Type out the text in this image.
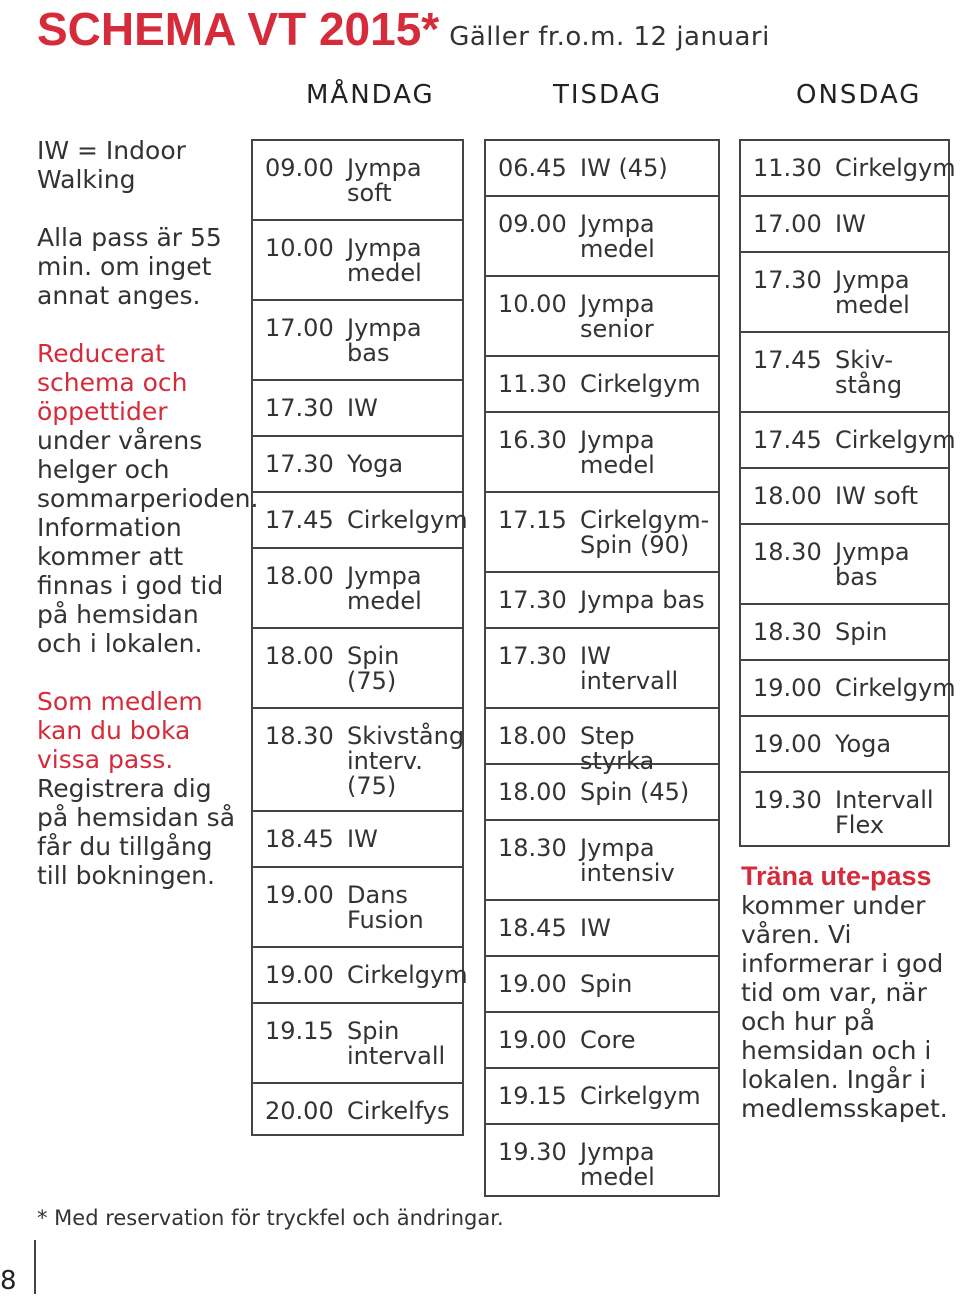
SCHEMA VT 2015* Gäller fr.o.m. 12 januari
MÅNDAG	TISDAG	ONSDAG

IW = Indoor Walking

Alla pass är 55 min. om inget annat anges.

Reducerat schema och öppettider under vårens helger och sommarperioden. Information kommer att finnas i god tid på hemsidan och i lokalen.

Som medlem kan du boka vissa pass. Registrera dig på hemsidan så får du tillgång till bokningen.

09.00 Jympa
soft
10.00 Jympa
medel
17.00 Jympa
bas
17.30 IW
17.30 Yoga
17.45 Cirkelgym
18.00 Jympa
medel
18.00 Spin
(75)
18.30 Skivstång
interv.
(75)
18.45 IW
19.00 Dans
Fusion
19.00 Cirkelgym
19.15 Spin
intervall
20.00 Cirkelfys
06.45 IW (45)
09.00 Jympa
medel
10.00 Jympa
senior
11.30 Cirkelgym
16.30 Jympa
medel
17.15 Cirkelgym-
Spin (90)
17.30 Jympa bas
17.30 IW
intervall
18.00 Step styrka
18.00 Spin (45)
18.30 Jympa
intensiv
18.45 IW
19.00 Spin
19.00 Core
19.15 Cirkelgym
19.30 Jympa
medel
11.30 Cirkelgym
17.00 IW
17.30 Jympa
medel
17.45 Skiv-
stång
17.45 Cirkelgym
18.00 IW soft
18.30 Jympa
bas
18.30 Spin
19.00 Cirkelgym
19.00 Yoga
19.30 Intervall
Flex
Träna ute-pass
kommer under våren. Vi informerar i god tid om var, när och hur på hemsidan och i lokalen. Ingår i medlemsskapet.
* Med reservation för tryckfel och ändringar.
8
